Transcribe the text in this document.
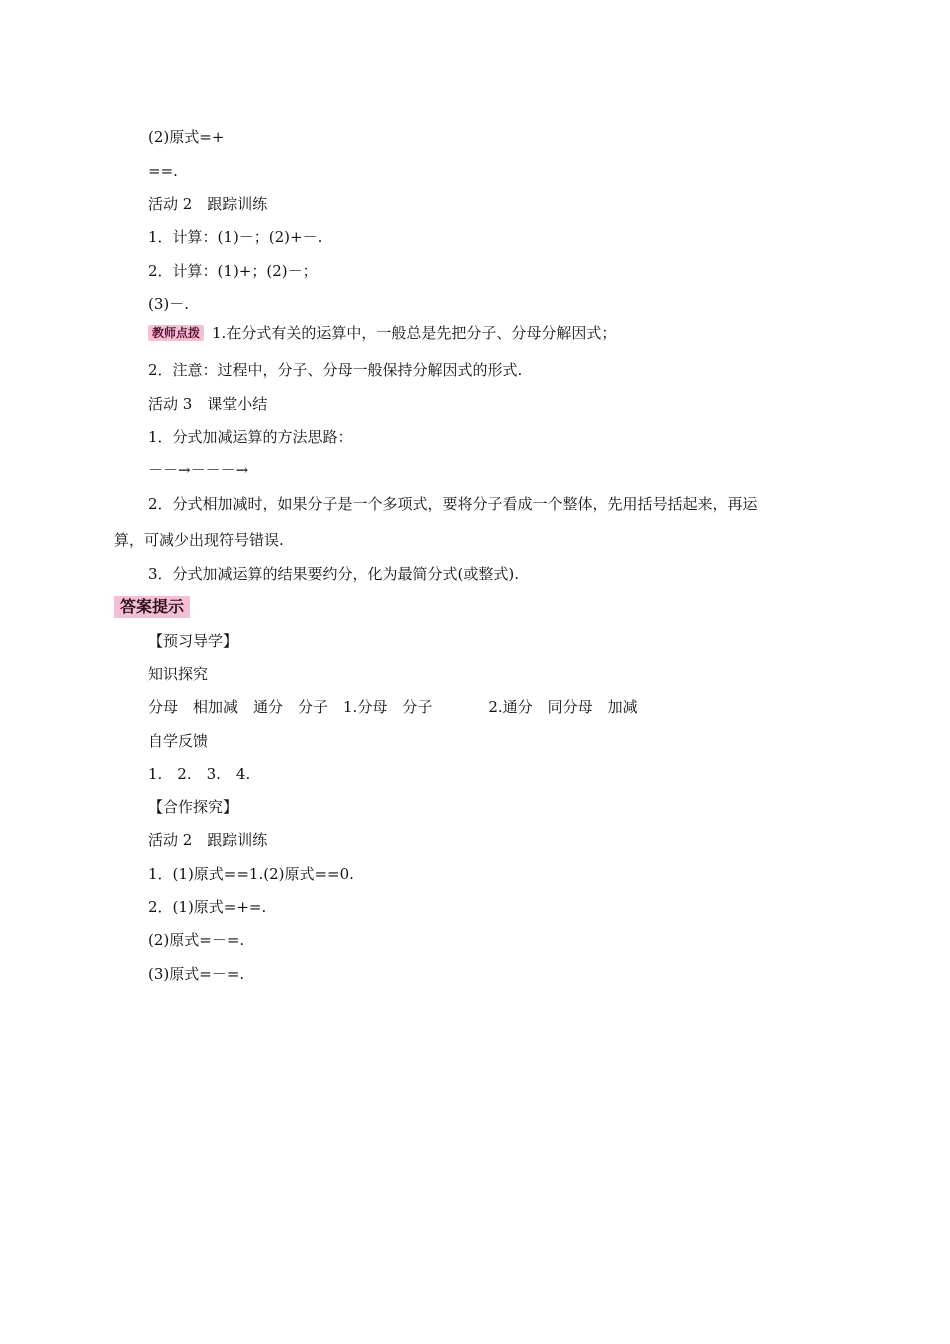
(2)原式=+
==.
活动 2　跟踪训练
1．计算：(1)－；(2)+－.
2．计算：(1)+；(2)－；
(3)－.
教师点拨 1.在分式有关的运算中，一般总是先把分子、分母分解因式；
2．注意：过程中，分子、分母一般保持分解因式的形式.
活动 3　课堂小结
1．分式加减运算的方法思路：
－－→－－－→
2．分式相加减时，如果分子是一个多项式，要将分子看成一个整体，先用括号括起来，再运
算，可减少出现符号错误.
3．分式加减运算的结果要约分，化为最简分式(或整式).
答案提示
【预习导学】
知识探究
分母　相加减　通分　分子　1.分母　分子	2.通分　同分母　加减
自学反馈
1.　2.　3.　4.
【合作探究】
活动 2　跟踪训练
1．(1)原式==1.(2)原式==0.
2．(1)原式=+=.
(2)原式=－=.
(3)原式=－=.
